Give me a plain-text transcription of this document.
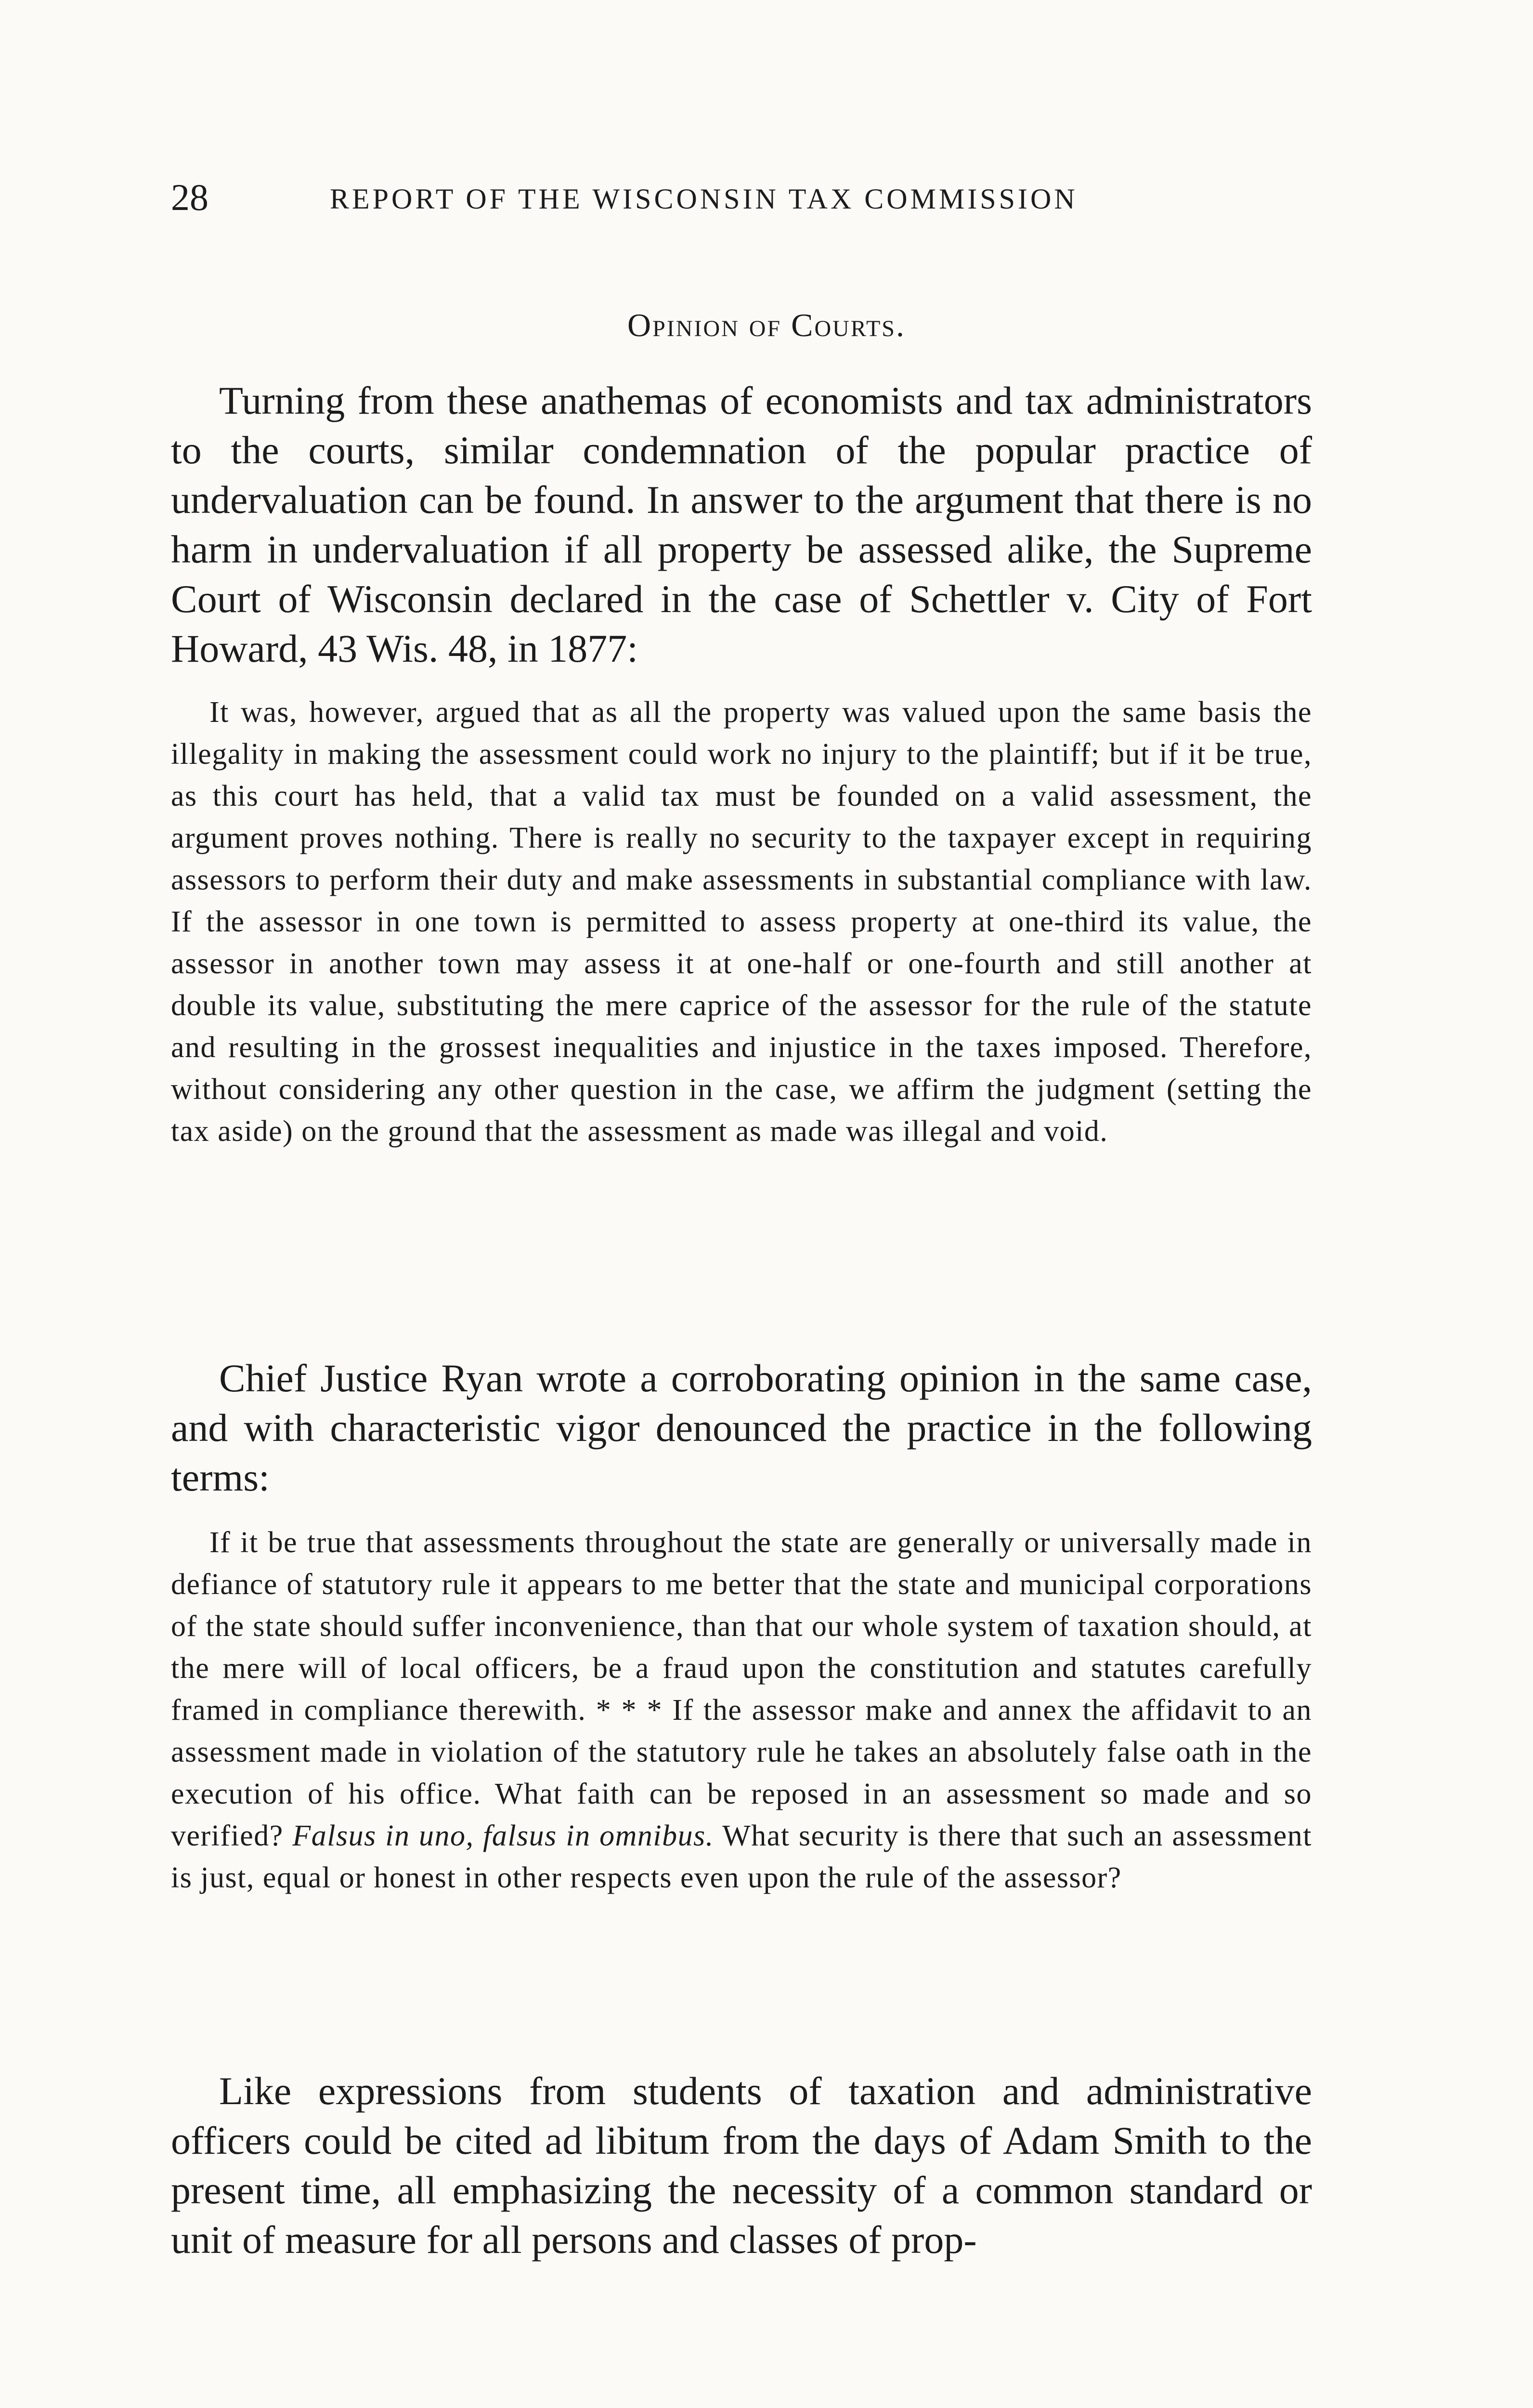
28	REPORT OF THE WISCONSIN TAX COMMISSION
Opinion of Courts.

Turning from these anathemas of economists and tax administrators to the courts, similar condemnation of the popular practice of undervaluation can be found. In answer to the argument that there is no harm in undervaluation if all property be assessed alike, the Supreme Court of Wisconsin declared in the case of Schettler v. City of Fort Howard, 43 Wis. 48, in 1877:

It was, however, argued that as all the property was valued upon the same basis the illegality in making the assessment could work no injury to the plaintiff; but if it be true, as this court has held, that a valid tax must be founded on a valid assessment, the argument proves nothing. There is really no security to the taxpayer except in requiring assessors to perform their duty and make assessments in substantial compliance with law. If the assessor in one town is permitted to assess property at one-third its value, the assessor in another town may assess it at one-half or one-fourth and still another at double its value, substituting the mere caprice of the assessor for the rule of the statute and resulting in the grossest inequalities and injustice in the taxes imposed. Therefore, without considering any other question in the case, we affirm the judgment (setting the tax aside) on the ground that the assessment as made was illegal and void.

Chief Justice Ryan wrote a corroborating opinion in the same case, and with characteristic vigor denounced the practice in the following terms:

If it be true that assessments throughout the state are generally or universally made in defiance of statutory rule it appears to me better that the state and municipal corporations of the state should suffer inconvenience, than that our whole system of taxation should, at the mere will of local officers, be a fraud upon the constitution and statutes carefully framed in compliance therewith. * * * If the assessor make and annex the affidavit to an assessment made in violation of the statutory rule he takes an absolutely false oath in the execution of his office. What faith can be reposed in an assessment so made and so verified? Falsus in uno, falsus in omnibus. What security is there that such an assessment is just, equal or honest in other respects even upon the rule of the assessor?

Like expressions from students of taxation and administrative officers could be cited ad libitum from the days of Adam Smith to the present time, all emphasizing the necessity of a common standard or unit of measure for all persons and classes of prop-
